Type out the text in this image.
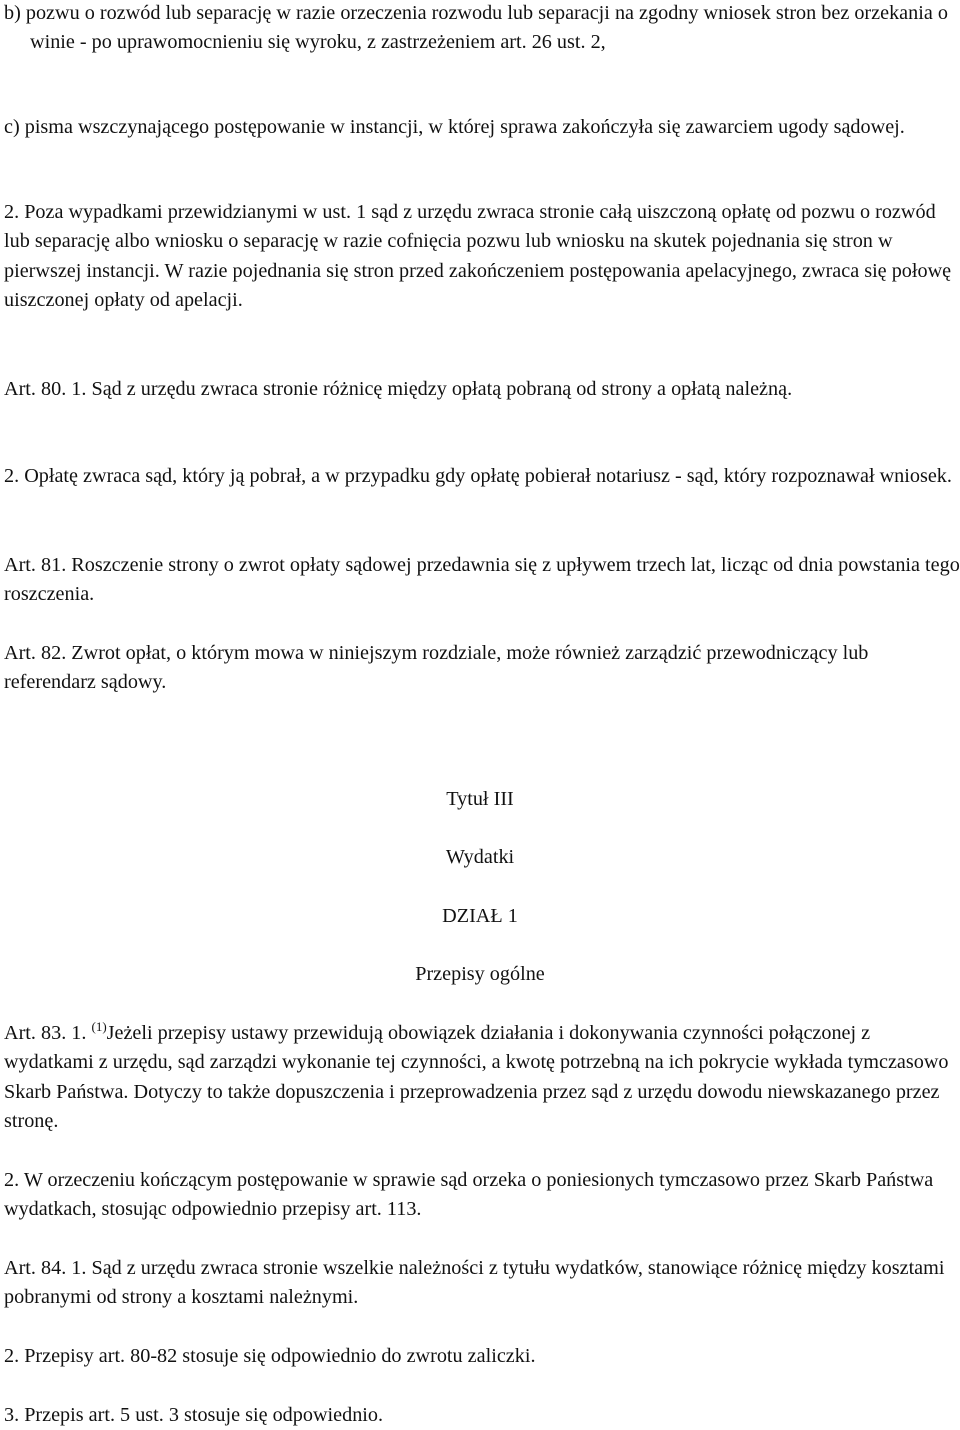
b) pozwu o rozwód lub separację w razie orzeczenia rozwodu lub separacji na zgodny wniosek stron bez orzekania o winie - po uprawomocnieniu się wyroku, z zastrzeżeniem art. 26 ust. 2,

c) pisma wszczynającego postępowanie w instancji, w której sprawa zakończyła się zawarciem ugody sądowej.

2. Poza wypadkami przewidzianymi w ust. 1 sąd z urzędu zwraca stronie całą uiszczoną opłatę od pozwu o rozwód lub separację albo wniosku o separację w razie cofnięcia pozwu lub wniosku na skutek pojednania się stron w pierwszej instancji. W razie pojednania się stron przed zakończeniem postępowania apelacyjnego, zwraca się połowę uiszczonej opłaty od apelacji.

Art. 80. 1. Sąd z urzędu zwraca stronie różnicę między opłatą pobraną od strony a opłatą należną.

2. Opłatę zwraca sąd, który ją pobrał, a w przypadku gdy opłatę pobierał notariusz - sąd, który rozpoznawał wniosek.

Art. 81. Roszczenie strony o zwrot opłaty sądowej przedawnia się z upływem trzech lat, licząc od dnia powstania tego roszczenia.

Art. 82. Zwrot opłat, o którym mowa w niniejszym rozdziale, może również zarządzić przewodniczący lub referendarz sądowy.

Tytuł III

Wydatki

DZIAŁ 1

Przepisy ogólne

Art. 83. 1. $^{(1)}$Jeżeli przepisy ustawy przewidują obowiązek działania i dokonywania czynności połączonej z wydatkami z urzędu, sąd zarządzi wykonanie tej czynności, a kwotę potrzebną na ich pokrycie wykłada tymczasowo Skarb Państwa. Dotyczy to także dopuszczenia i przeprowadzenia przez sąd z urzędu dowodu niewskazanego przez stronę.

2. W orzeczeniu kończącym postępowanie w sprawie sąd orzeka o poniesionych tymczasowo przez Skarb Państwa wydatkach, stosując odpowiednio przepisy art. 113.

Art. 84. 1. Sąd z urzędu zwraca stronie wszelkie należności z tytułu wydatków, stanowiące różnicę między kosztami pobranymi od strony a kosztami należnymi.

2. Przepisy art. 80-82 stosuje się odpowiednio do zwrotu zaliczki.

3. Przepis art. 5 ust. 3 stosuje się odpowiednio.
